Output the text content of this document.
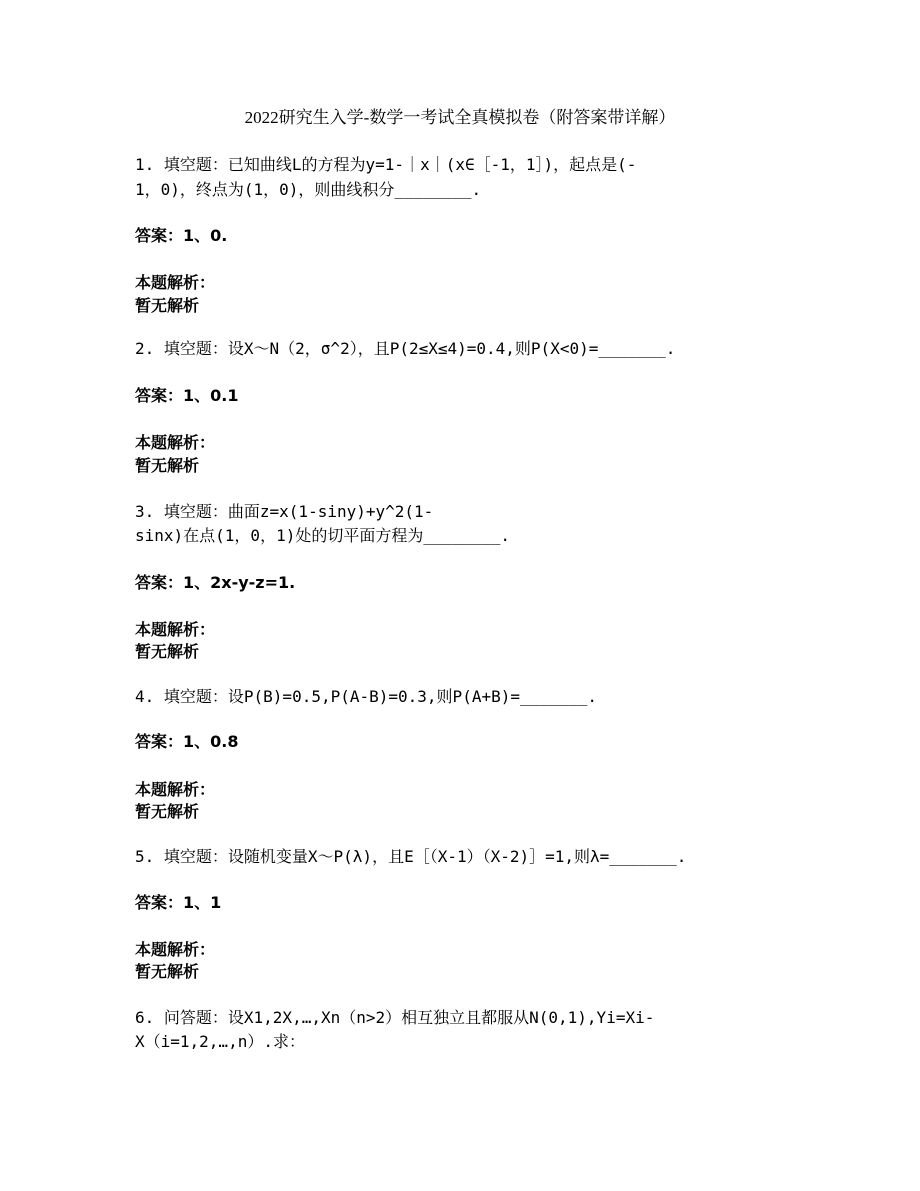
2022研究生入学-数学一考试全真模拟卷（附答案带详解）
1. 填空题：已知曲线L的方程为y=1-｜x｜(x∈［-1，1］)，起点是(-
1，0)，终点为(1，0)，则曲线积分________.
答案：1、0.
本题解析：
暂无解析
2. 填空题：设X～N（2，σ^2），且P(2≤X≤4)=0.4,则P(X<0)=_______.
答案：1、0.1
本题解析：
暂无解析
3. 填空题：曲面z=x(1-siny)+y^2(1-
sinx)在点(1，0，1)处的切平面方程为________.
答案：1、2x-y-z=1.
本题解析：
暂无解析
4. 填空题：设P(B)=0.5,P(A-B)=0.3,则P(A+B)=_______.
答案：1、0.8
本题解析：
暂无解析
5. 填空题：设随机变量X～P(λ)，且E［（X-1）（X-2)］=1,则λ=_______.
答案：1、1
本题解析：
暂无解析
6. 问答题：设X1,2X,…,Xn（n>2）相互独立且都服从N(0,1),Yi=Xi-
X（i=1,2,…,n）.求：
